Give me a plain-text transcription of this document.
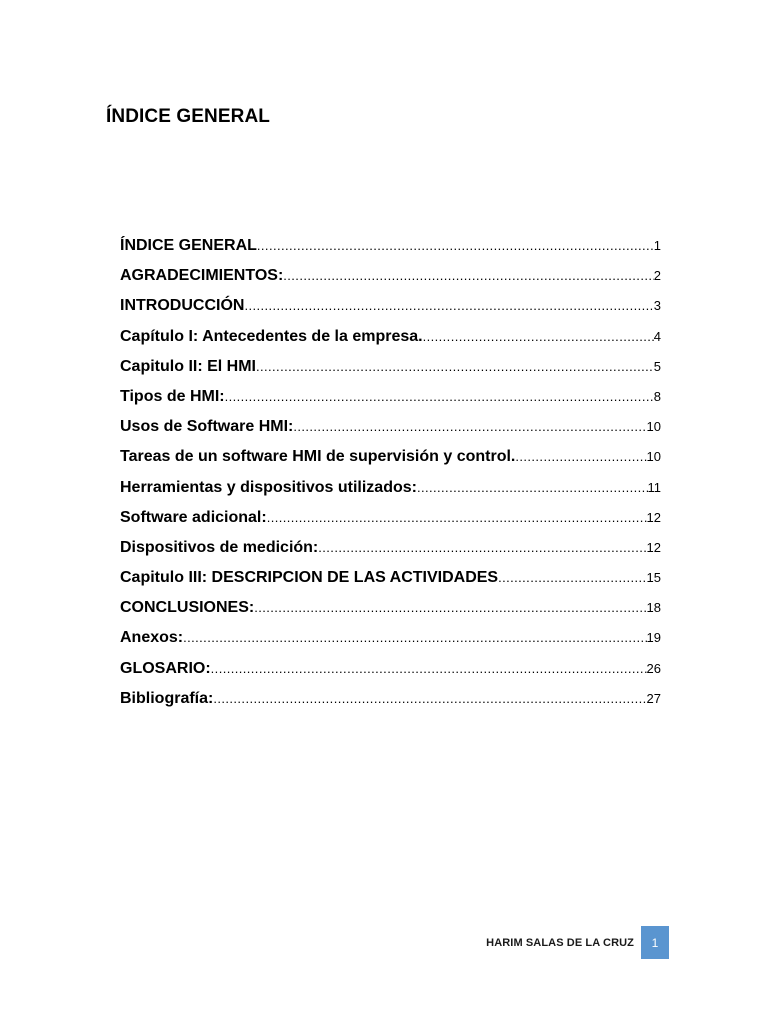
ÍNDICE GENERAL
ÍNDICE GENERAL .....	1
AGRADECIMIENTOS: .....	2
INTRODUCCIÓN .....	3
Capítulo I: Antecedentes de la empresa. .....	4
Capitulo II: El HMI .....	5
Tipos de HMI: .....	8
Usos de Software HMI: .....	10
Tareas de un software HMI de supervisión y control. .....	10
Herramientas y dispositivos utilizados: .....	11
Software adicional: .....	12
Dispositivos de medición: .....	12
Capitulo III: DESCRIPCION DE LAS ACTIVIDADES .....	15
CONCLUSIONES: .....	18
Anexos: .....	19
GLOSARIO: .....	26
Bibliografía: .....	27
HARIM SALAS DE LA CRUZ	1
